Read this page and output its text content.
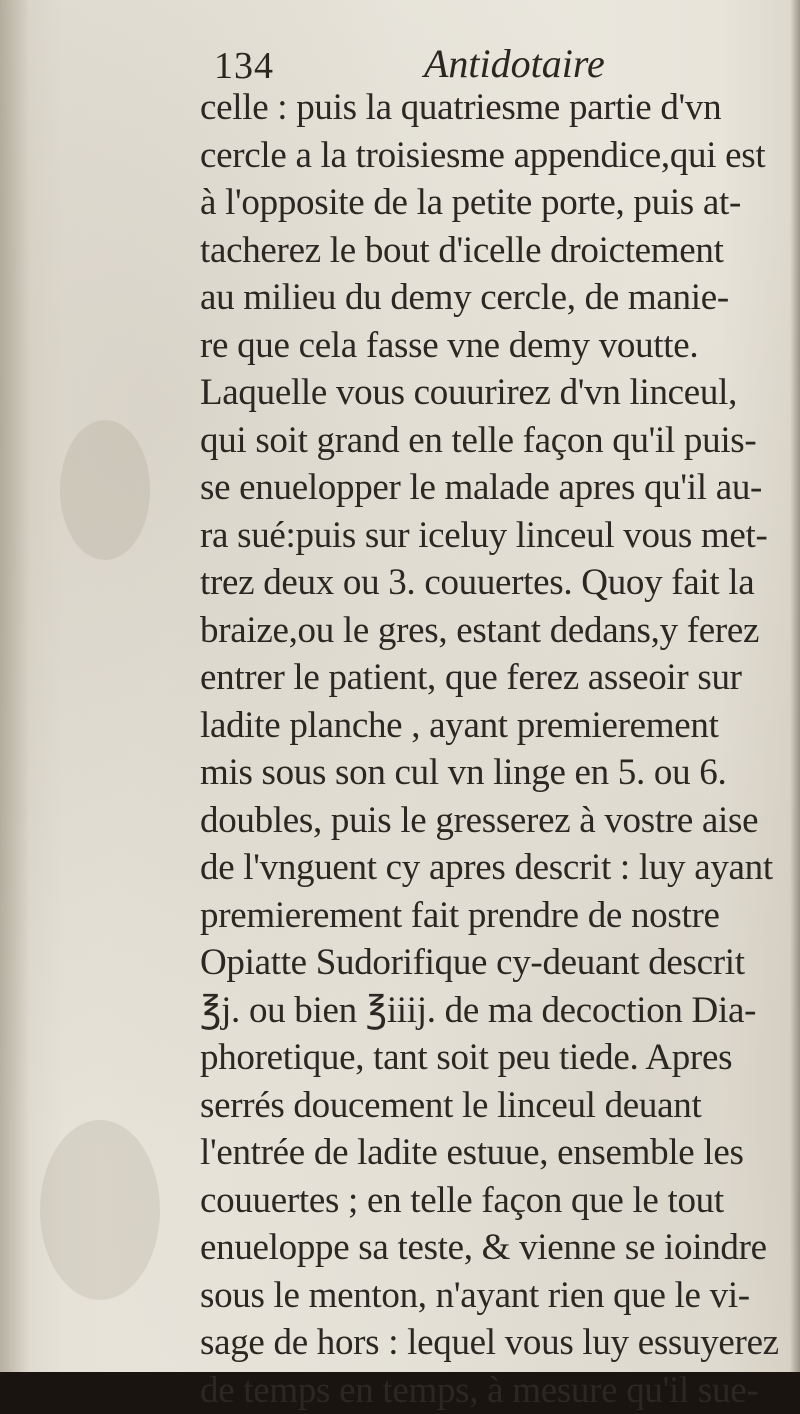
134	Antidotaire
celle : puis la quatriesme partie d'vn
cercle a la troisiesme appendice,qui est
à l'opposite de la petite porte, puis at-
tacherez le bout d'icelle droictement
au milieu du demy cercle, de manie-
re que cela fasse vne demy voutte.
Laquelle vous couurirez d'vn linceul,
qui soit grand en telle façon qu'il puis-
se enuelopper le malade apres qu'il au-
ra sué:puis sur iceluy linceul vous met-
trez deux ou 3. couuertes. Quoy fait la
braize,ou le gres, estant dedans,y ferez
entrer le patient, que ferez asseoir sur
ladite planche , ayant premierement
mis sous son cul vn linge en 5. ou 6.
doubles, puis le gresserez à vostre aise
de l'vnguent cy apres descrit : luy ayant
premierement fait prendre de nostre
Opiatte Sudorifique cy-deuant descrit
℥j. ou bien ℥iiij. de ma decoction Dia-
phoretique, tant soit peu tiede. Apres
serrés doucement le linceul deuant
l'entrée de ladite estuue, ensemble les
couuertes ; en telle façon que le tout
enueloppe sa teste, & vienne se ioindre
sous le menton, n'ayant rien que le vi-
sage de hors : lequel vous luy essuyerez
de temps en temps, à mesure qu'il sue-
